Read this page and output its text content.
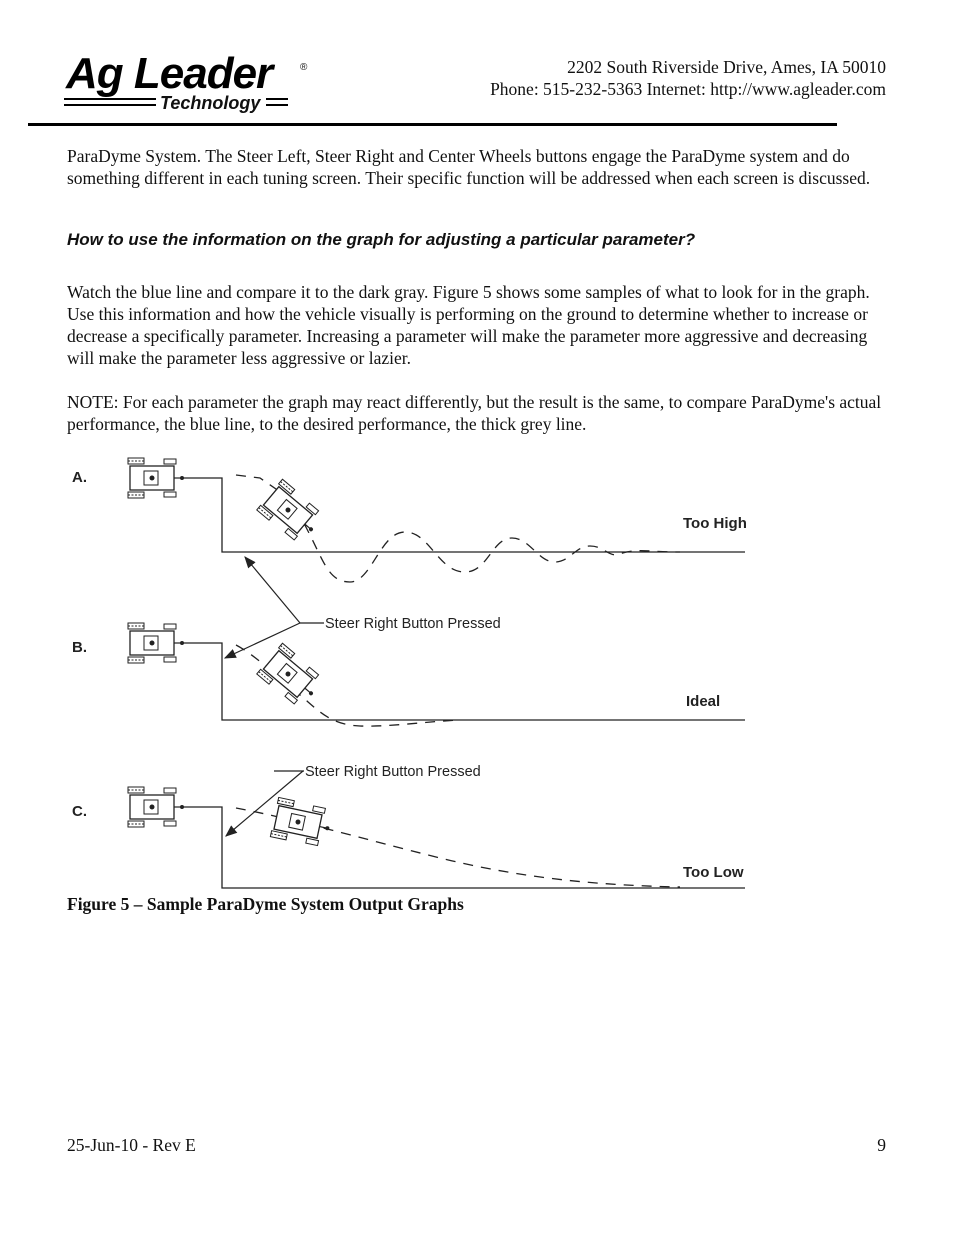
Ag Leader	®
Technology
2202 South Riverside Drive, Ames, IA 50010
Phone: 515-232-5363 Internet: http://www.agleader.com

ParaDyme System. The Steer Left, Steer Right and Center Wheels buttons engage the ParaDyme system and do something different in each tuning screen. Their specific function will be addressed when each screen is discussed.

How to use the information on the graph for adjusting a particular parameter?

Watch the blue line and compare it to the dark gray. Figure 5 shows some samples of what to look for in the graph. Use this information and how the vehicle visually is performing on the ground to determine whether to increase or decrease a specifically parameter. Increasing a parameter will make the parameter more aggressive and decreasing will make the parameter less aggressive or lazier.

NOTE: For each parameter the graph may react differently, but the result is the same, to compare ParaDyme's actual performance, the blue line, to the desired performance, the thick grey line.

A.
Too High
B.
Ideal
Steer Right Button Pressed
C.
Too Low
Steer Right Button Pressed

Figure 5 – Sample ParaDyme System Output Graphs

25-Jun-10 - Rev E	9
